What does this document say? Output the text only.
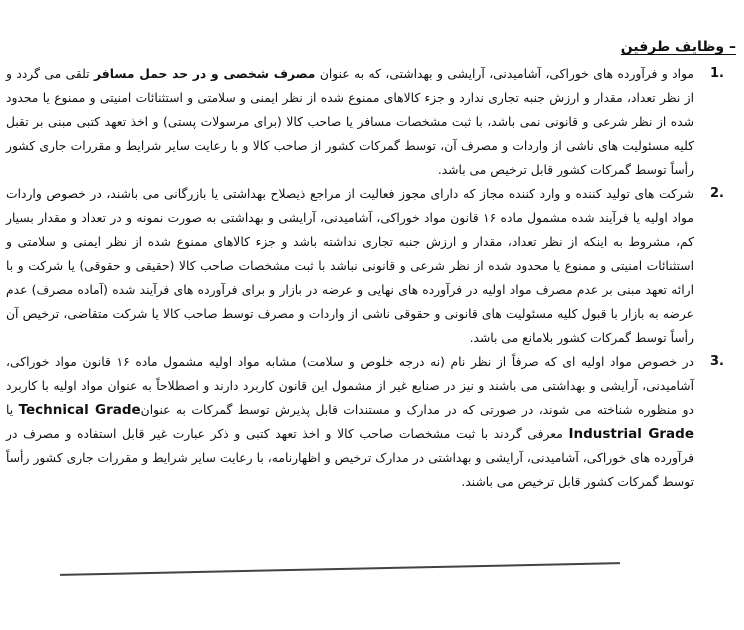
– وظایف طرفین
.1
مواد و فرآورده های خوراکی، آشامیدنی، آرایشی و بهداشتی، که به عنوان مصرف شخصی و در حد حمل مسافر تلقی می گردد و از نظر تعداد، مقدار و ارزش جنبه تجاری ندارد و جزء کالاهای ممنوع شده از نظر ایمنی و سلامتی و استثنائات امنیتی و ممنوع یا محدود شده از نظر شرعی و قانونی نمی باشد، با ثبت مشخصات مسافر یا صاحب کالا (برای مرسولات پستی) و اخذ تعهد کتبی مبنی بر تقبل کلیه مسئولیت های ناشی از واردات و مصرف آن، توسط گمرکات کشور از صاحب کالا و با رعایت سایر شرایط و مقررات جاری کشور رأساً توسط گمرکات کشور قابل ترخیص می باشد.
.2
شرکت های تولید کننده و وارد کننده مجاز که دارای مجوز فعالیت از مراجع ذیصلاح بهداشتی یا بازرگانی می باشند، در خصوص واردات مواد اولیه یا فرآیند شده مشمول ماده ۱۶ قانون مواد خوراکی، آشامیدنی، آرایشی و بهداشتی به صورت نمونه و در تعداد و مقدار بسیار کم، مشروط به اینکه از نظر تعداد، مقدار و ارزش جنبه تجاری نداشته باشد و جزء کالاهای ممنوع شده از نظر ایمنی و سلامتی و استثنائات امنیتی و ممنوع یا محدود شده از نظر شرعی و قانونی نباشد با ثبت مشخصات صاحب کالا (حقیقی و حقوقی) یا شرکت و با ارائه تعهد مبنی بر عدم مصرف مواد اولیه در فرآورده های نهایی و عرضه در بازار و برای فرآورده های فرآیند شده (آماده مصرف) عدم عرضه به بازار با قبول کلیه مسئولیت های قانونی و حقوقی ناشی از واردات و مصرف توسط صاحب کالا یا شرکت متقاضی، ترخیص آن رأساً توسط گمرکات کشور بلامانع می باشد.
.3
در خصوص مواد اولیه ای که صرفاً از نظر نام (نه درجه خلوص و سلامت) مشابه مواد اولیه مشمول ماده ۱۶ قانون مواد خوراکی، آشامیدنی، آرایشی و بهداشتی می باشند و نیز در صنایع غیر از مشمول این قانون کاربرد دارند و اصطلاحاً به عنوان مواد اولیه با کاربرد دو منظوره شناخته می شوند، در صورتی که در مدارک و مستندات قابل پذیرش توسط گمرکات به عنوانTechnical Grade یا Industrial Grade معرفی گردند با ثبت مشخصات صاحب کالا و اخذ تعهد کتبی و ذکر عبارت غیر قابل استفاده و مصرف در فرآورده های خوراکی، آشامیدنی، آرایشی و بهداشتی در مدارک ترخیص و اظهارنامه، با رعایت سایر شرایط و مقررات جاری کشور رأساً توسط گمرکات کشور قابل ترخیص می باشند.
